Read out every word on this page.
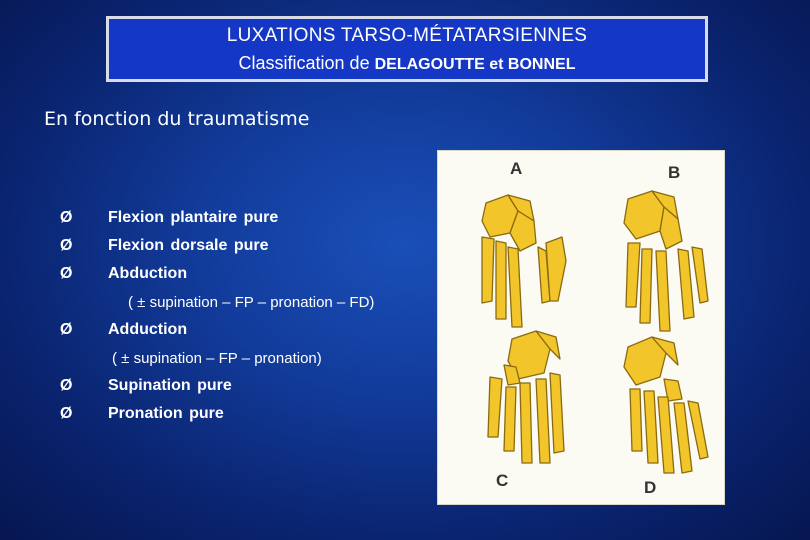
LUXATIONS TARSO-MÉTATARSIENNES
Classification de DELAGOUTTE et BONNEL
En fonction du traumatisme
Ø	Flexion plantaire pure
Ø	Flexion dorsale pure
Ø	Abduction
( ± supination – FP – pronation – FD)
Ø	Adduction
( ± supination – FP – pronation)
Ø	Supination pure
Ø	Pronation pure
A	B
C	D
